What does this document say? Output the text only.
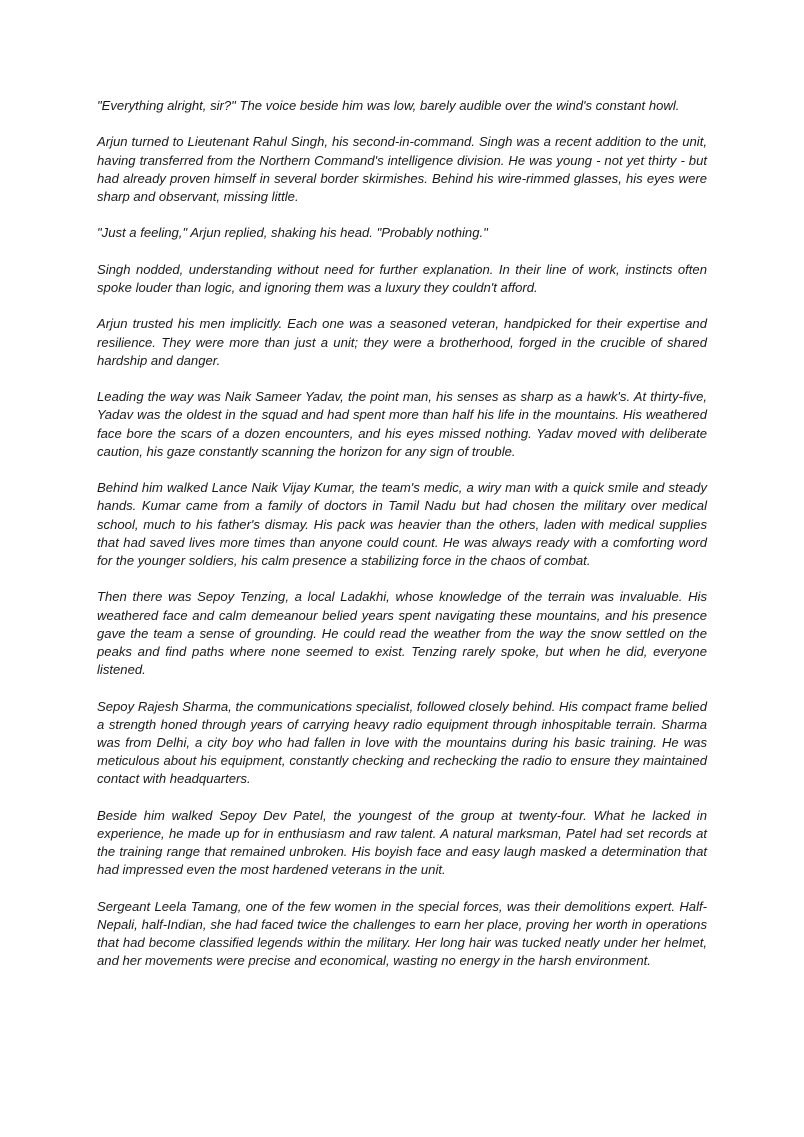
"Everything alright, sir?" The voice beside him was low, barely audible over the wind's constant howl.

Arjun turned to Lieutenant Rahul Singh, his second-in-command. Singh was a recent addition to the unit, having transferred from the Northern Command's intelligence division. He was young - not yet thirty - but had already proven himself in several border skirmishes. Behind his wire-rimmed glasses, his eyes were sharp and observant, missing little.

"Just a feeling," Arjun replied, shaking his head. "Probably nothing."

Singh nodded, understanding without need for further explanation. In their line of work, instincts often spoke louder than logic, and ignoring them was a luxury they couldn't afford.

Arjun trusted his men implicitly. Each one was a seasoned veteran, handpicked for their expertise and resilience. They were more than just a unit; they were a brotherhood, forged in the crucible of shared hardship and danger.

Leading the way was Naik Sameer Yadav, the point man, his senses as sharp as a hawk's. At thirty-five, Yadav was the oldest in the squad and had spent more than half his life in the mountains. His weathered face bore the scars of a dozen encounters, and his eyes missed nothing. Yadav moved with deliberate caution, his gaze constantly scanning the horizon for any sign of trouble.

Behind him walked Lance Naik Vijay Kumar, the team's medic, a wiry man with a quick smile and steady hands. Kumar came from a family of doctors in Tamil Nadu but had chosen the military over medical school, much to his father's dismay. His pack was heavier than the others, laden with medical supplies that had saved lives more times than anyone could count. He was always ready with a comforting word for the younger soldiers, his calm presence a stabilizing force in the chaos of combat.

Then there was Sepoy Tenzing, a local Ladakhi, whose knowledge of the terrain was invaluable. His weathered face and calm demeanour belied years spent navigating these mountains, and his presence gave the team a sense of grounding. He could read the weather from the way the snow settled on the peaks and find paths where none seemed to exist. Tenzing rarely spoke, but when he did, everyone listened.

Sepoy Rajesh Sharma, the communications specialist, followed closely behind. His compact frame belied a strength honed through years of carrying heavy radio equipment through inhospitable terrain. Sharma was from Delhi, a city boy who had fallen in love with the mountains during his basic training. He was meticulous about his equipment, constantly checking and rechecking the radio to ensure they maintained contact with headquarters.

Beside him walked Sepoy Dev Patel, the youngest of the group at twenty-four. What he lacked in experience, he made up for in enthusiasm and raw talent. A natural marksman, Patel had set records at the training range that remained unbroken. His boyish face and easy laugh masked a determination that had impressed even the most hardened veterans in the unit.

Sergeant Leela Tamang, one of the few women in the special forces, was their demolitions expert. Half-Nepali, half-Indian, she had faced twice the challenges to earn her place, proving her worth in operations that had become classified legends within the military. Her long hair was tucked neatly under her helmet, and her movements were precise and economical, wasting no energy in the harsh environment.
